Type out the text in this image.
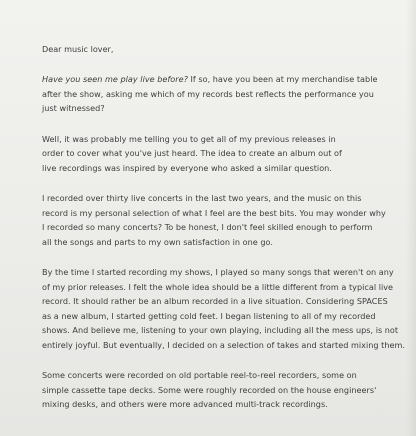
Dear music lover,
Have you seen me play live before? If so, have you been at my merchandise table
after the show, asking me which of my records best reflects the performance you
just witnessed?
Well, it was probably me telling you to get all of my previous releases in
order to cover what you've just heard. The idea to create an album out of
live recordings was inspired by everyone who asked a similar question.
I recorded over thirty live concerts in the last two years, and the music on this
record is my personal selection of what I feel are the best bits. You may wonder why
I recorded so many concerts? To be honest, I don't feel skilled enough to perform
all the songs and parts to my own satisfaction in one go.
By the time I started recording my shows, I played so many songs that weren't on any
of my prior releases. I felt the whole idea should be a little different from a typical live
record. It should rather be an album recorded in a live situation. Considering SPACES
as a new album, I started getting cold feet. I began listening to all of my recorded
shows. And believe me, listening to your own playing, including all the mess ups, is not
entirely joyful. But eventually, I decided on a selection of takes and started mixing them.
Some concerts were recorded on old portable reel-to-reel recorders, some on
simple cassette tape decks. Some were roughly recorded on the house engineers'
mixing desks, and others were more advanced multi-track recordings.
